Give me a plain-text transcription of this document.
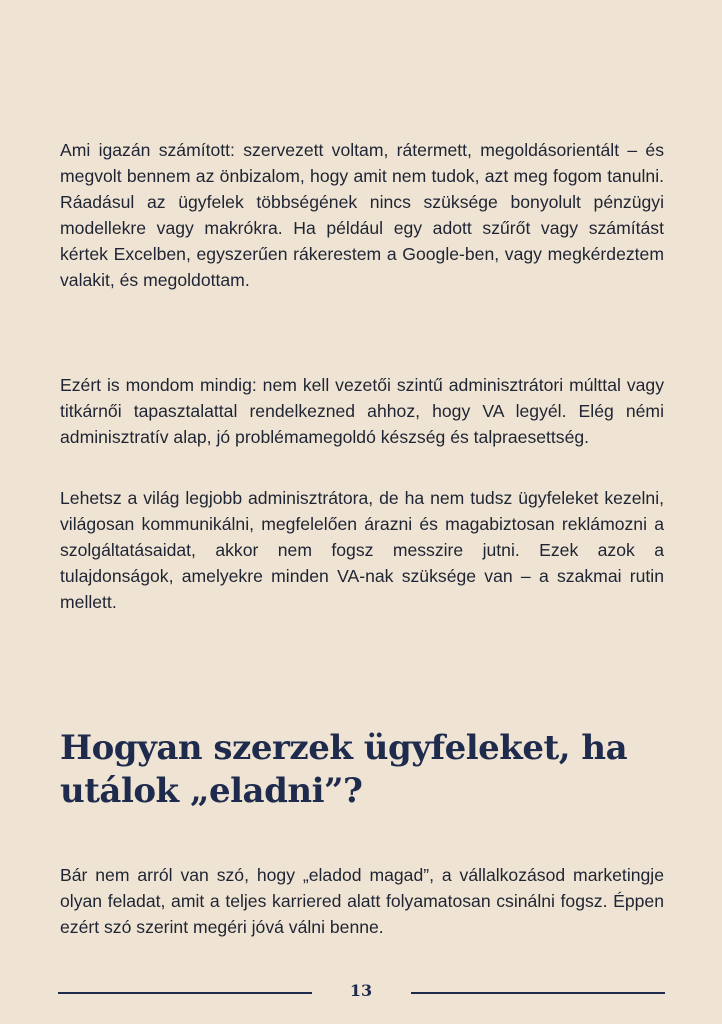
Ami igazán számított: szervezett voltam, rátermett, megoldásorientált – és megvolt bennem az önbizalom, hogy amit nem tudok, azt meg fogom tanulni. Ráadásul az ügyfelek többségének nincs szüksége bonyolult pénzügyi modellekre vagy makrókra. Ha például egy adott szűrőt vagy számítást kértek Excelben, egyszerűen rákerestem a Google-ben, vagy megkérdeztem valakit, és megoldottam.

Ezért is mondom mindig: nem kell vezetői szintű adminisztrátori múlttal vagy titkárnői tapasztalattal rendelkezned ahhoz, hogy VA legyél. Elég némi adminisztratív alap, jó problémamegoldó készség és talpraesettség.

Lehetsz a világ legjobb adminisztrátora, de ha nem tudsz ügyfeleket kezelni, világosan kommunikálni, megfelelően árazni és magabiztosan reklámozni a szolgáltatásaidat, akkor nem fogsz messzire jutni. Ezek azok a tulajdonságok, amelyekre minden VA-nak szüksége van – a szakmai rutin mellett.

Hogyan szerzek ügyfeleket, ha utálok „eladni”?

Bár nem arról van szó, hogy „eladod magad”, a vállalkozásod marketingje olyan feladat, amit a teljes karriered alatt folyamatosan csinálni fogsz. Éppen ezért szó szerint megéri jóvá válni benne.

13
